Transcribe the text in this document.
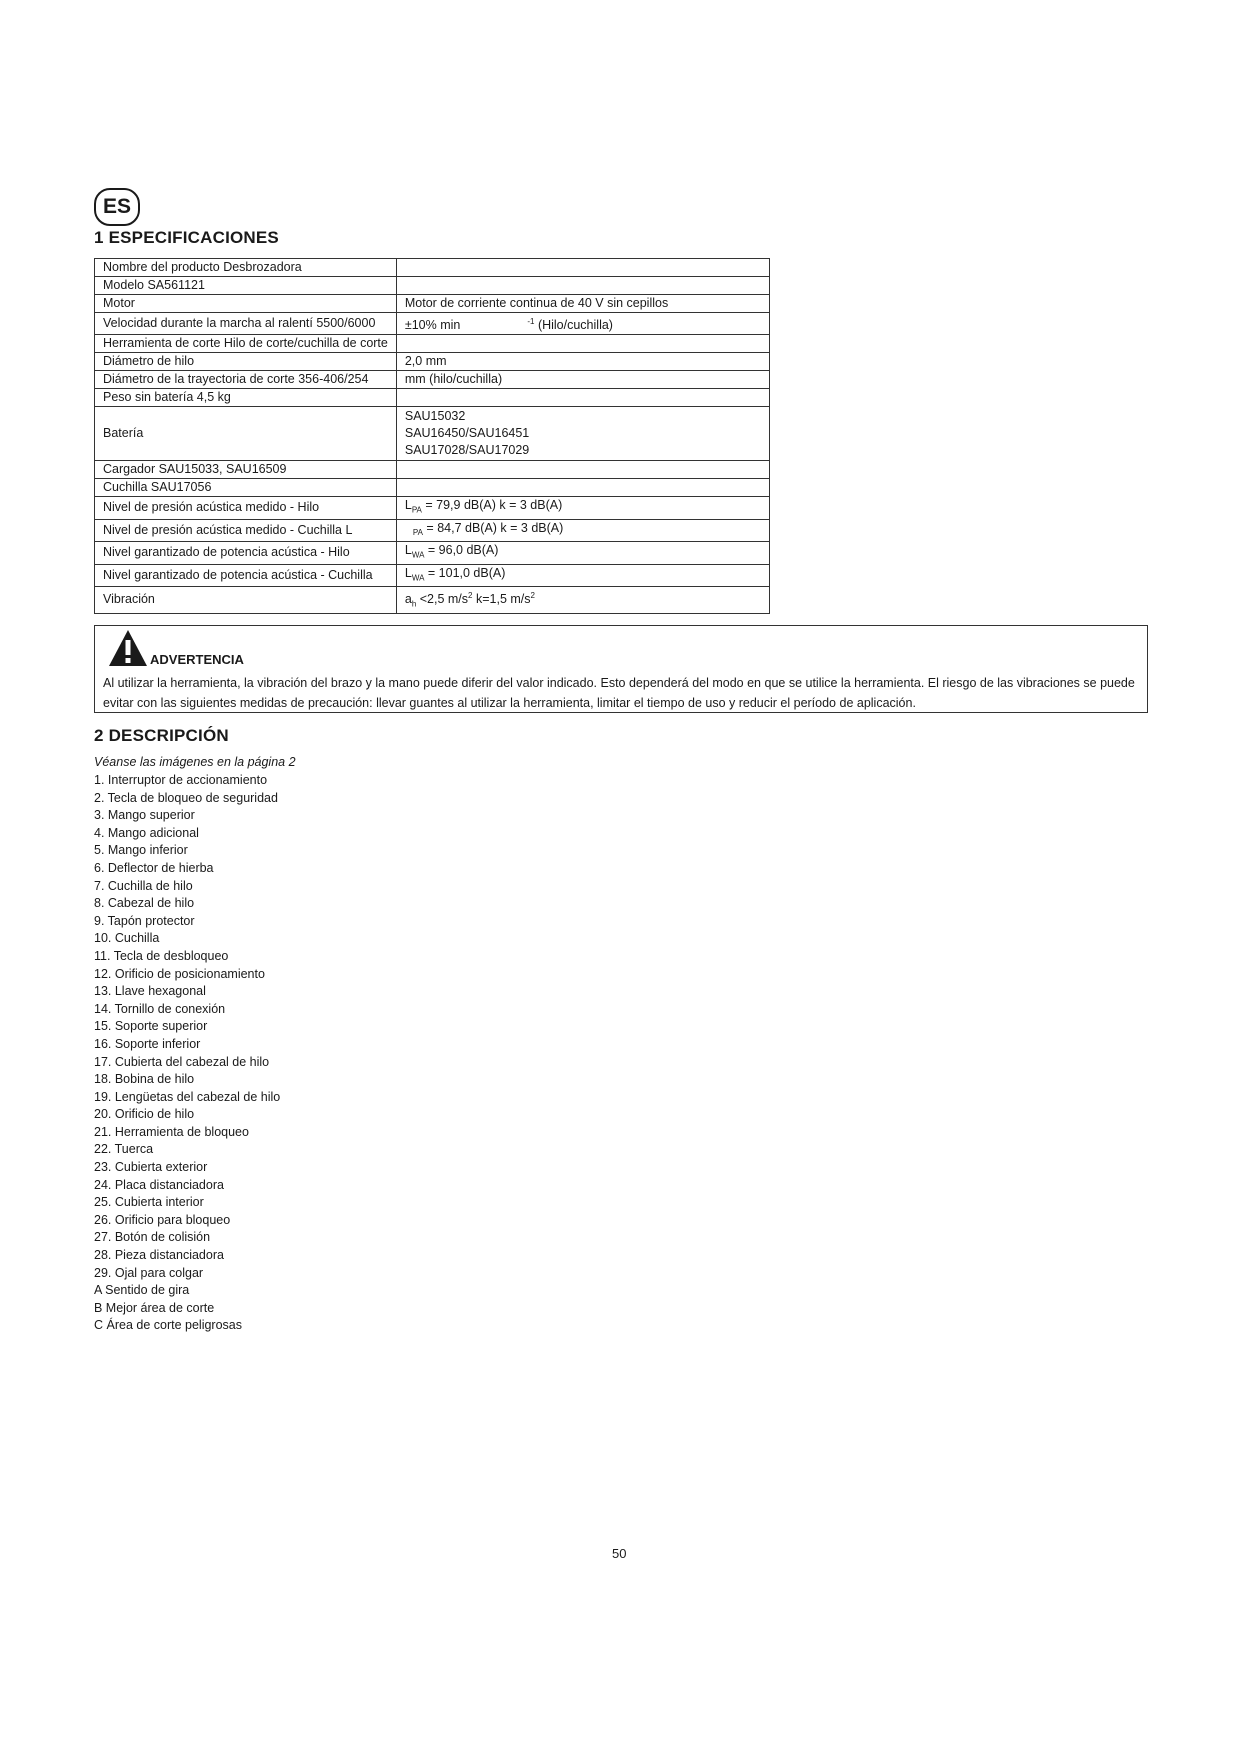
ES
1 ESPECIFICACIONES
Nombre del producto Desbrozadora	
Modelo SA561121	
Motor	Motor de corriente continua de 40 V sin cepillos
Velocidad durante la marcha al ralentí 5500/6000	±10% min $^{-1}$ (Hilo/cuchilla)
Herramienta de corte Hilo de corte/cuchilla de corte	
Diámetro de hilo	2,0 mm
Diámetro de la trayectoria de corte 356-406/254	mm (hilo/cuchilla)
Peso sin batería 4,5 kg	
Batería	SAU15032
SAU16450/SAU16451
SAU17028/SAU17029

Cargador SAU15033, SAU16509	
Cuchilla SAU17056	
Nivel de presión acústica medido - Hilo	$L_{PA} = 79,9$ dB(A) k = 3 dB(A)
Nivel de presión acústica medido - Cuchilla L	$_{PA}$ = 84,7 dB(A) k = 3 dB(A)
Nivel garantizado de potencia acústica - Hilo	$L_{WA} = 96,0$ dB(A)
Nivel garantizado de potencia acústica - Cuchilla	$L_{WA} = 101,0$ dB(A)
Vibración	$a_h <2,5$ $m/s^2$ k=1,5 $m/s^2$
ADVERTENCIA
Al utilizar la herramienta, la vibración del brazo y la mano puede diferir del valor indicado. Esto dependerá del modo en que se utilice la herramienta. El riesgo de las vibraciones se puede evitar con las siguientes medidas de precaución: llevar guantes al utilizar la herramienta, limitar el tiempo de uso y reducir el período de aplicación.
2 DESCRIPCIÓN
Véanse las imágenes en la página 2
1. Interruptor de accionamiento
2. Tecla de bloqueo de seguridad
3. Mango superior
4. Mango adicional
5. Mango inferior
6. Deflector de hierba
7. Cuchilla de hilo
8. Cabezal de hilo
9. Tapón protector
10. Cuchilla
11. Tecla de desbloqueo
12. Orificio de posicionamiento
13. Llave hexagonal
14. Tornillo de conexión
15. Soporte superior
16. Soporte inferior
17. Cubierta del cabezal de hilo
18. Bobina de hilo
19. Lengüetas del cabezal de hilo
20. Orificio de hilo
21. Herramienta de bloqueo
22. Tuerca
23. Cubierta exterior
24. Placa distanciadora
25. Cubierta interior
26. Orificio para bloqueo
27. Botón de colisión
28. Pieza distanciadora
29. Ojal para colgar
A Sentido de gira
B Mejor área de corte
C Área de corte peligrosas
50
